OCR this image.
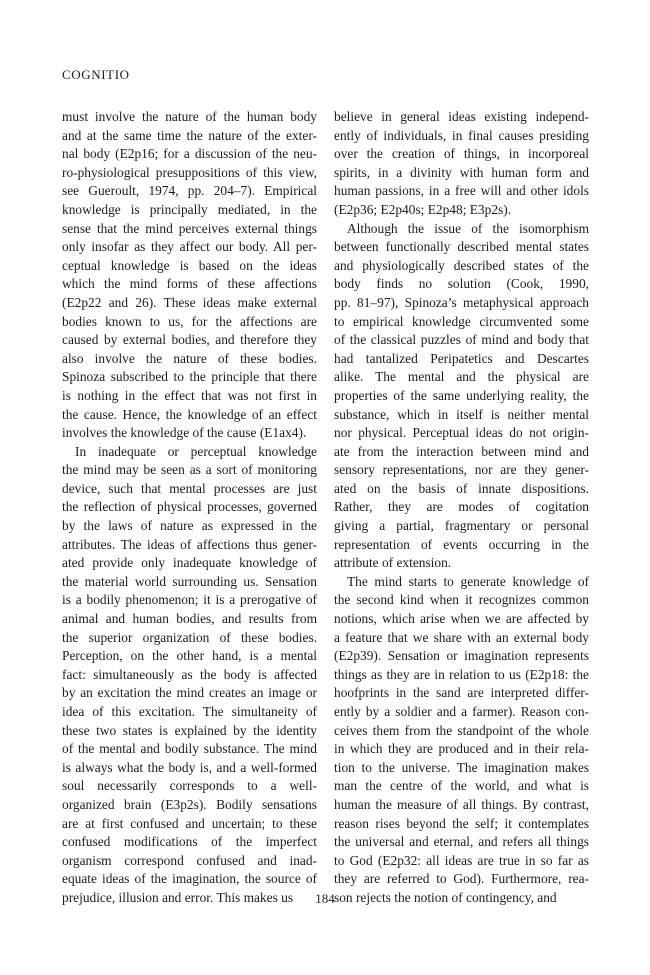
COGNITIO
must involve the nature of the human body
and at the same time the nature of the exter-
nal body (E2p16; for a discussion of the neu-
ro-physiological presuppositions of this view,
see Gueroult, 1974, pp. 204–7). Empirical
knowledge is principally mediated, in the
sense that the mind perceives external things
only insofar as they affect our body. All per-
ceptual knowledge is based on the ideas
which the mind forms of these affections
(E2p22 and 26). These ideas make external
bodies known to us, for the affections are
caused by external bodies, and therefore they
also involve the nature of these bodies.
Spinoza subscribed to the principle that there
is nothing in the effect that was not first in
the cause. Hence, the knowledge of an effect
involves the knowledge of the cause (E1ax4).
In inadequate or perceptual knowledge
the mind may be seen as a sort of monitoring
device, such that mental processes are just
the reflection of physical processes, governed
by the laws of nature as expressed in the
attributes. The ideas of affections thus gener-
ated provide only inadequate knowledge of
the material world surrounding us. Sensation
is a bodily phenomenon; it is a prerogative of
animal and human bodies, and results from
the superior organization of these bodies.
Perception, on the other hand, is a mental
fact: simultaneously as the body is affected
by an excitation the mind creates an image or
idea of this excitation. The simultaneity of
these two states is explained by the identity
of the mental and bodily substance. The mind
is always what the body is, and a well-formed
soul necessarily corresponds to a well-
organized brain (E3p2s). Bodily sensations
are at first confused and uncertain; to these
confused modifications of the imperfect
organism correspond confused and inad-
equate ideas of the imagination, the source of
prejudice, illusion and error. This makes us
believe in general ideas existing independ-
ently of individuals, in final causes presiding
over the creation of things, in incorporeal
spirits, in a divinity with human form and
human passions, in a free will and other idols
(E2p36; E2p40s; E2p48; E3p2s).
Although the issue of the isomorphism
between functionally described mental states
and physiologically described states of the
body finds no solution (Cook, 1990,
pp. 81–97), Spinoza’s metaphysical approach
to empirical knowledge circumvented some
of the classical puzzles of mind and body that
had tantalized Peripatetics and Descartes
alike. The mental and the physical are
properties of the same underlying reality, the
substance, which in itself is neither mental
nor physical. Perceptual ideas do not origin-
ate from the interaction between mind and
sensory representations, nor are they gener-
ated on the basis of innate dispositions.
Rather, they are modes of cogitation
giving a partial, fragmentary or personal
representation of events occurring in the
attribute of extension.
The mind starts to generate knowledge of
the second kind when it recognizes common
notions, which arise when we are affected by
a feature that we share with an external body
(E2p39). Sensation or imagination represents
things as they are in relation to us (E2p18: the
hoofprints in the sand are interpreted differ-
ently by a soldier and a farmer). Reason con-
ceives them from the standpoint of the whole
in which they are produced and in their rela-
tion to the universe. The imagination makes
man the centre of the world, and what is
human the measure of all things. By contrast,
reason rises beyond the self; it contemplates
the universal and eternal, and refers all things
to God (E2p32: all ideas are true in so far as
they are referred to God). Furthermore, rea-
son rejects the notion of contingency, and
184
